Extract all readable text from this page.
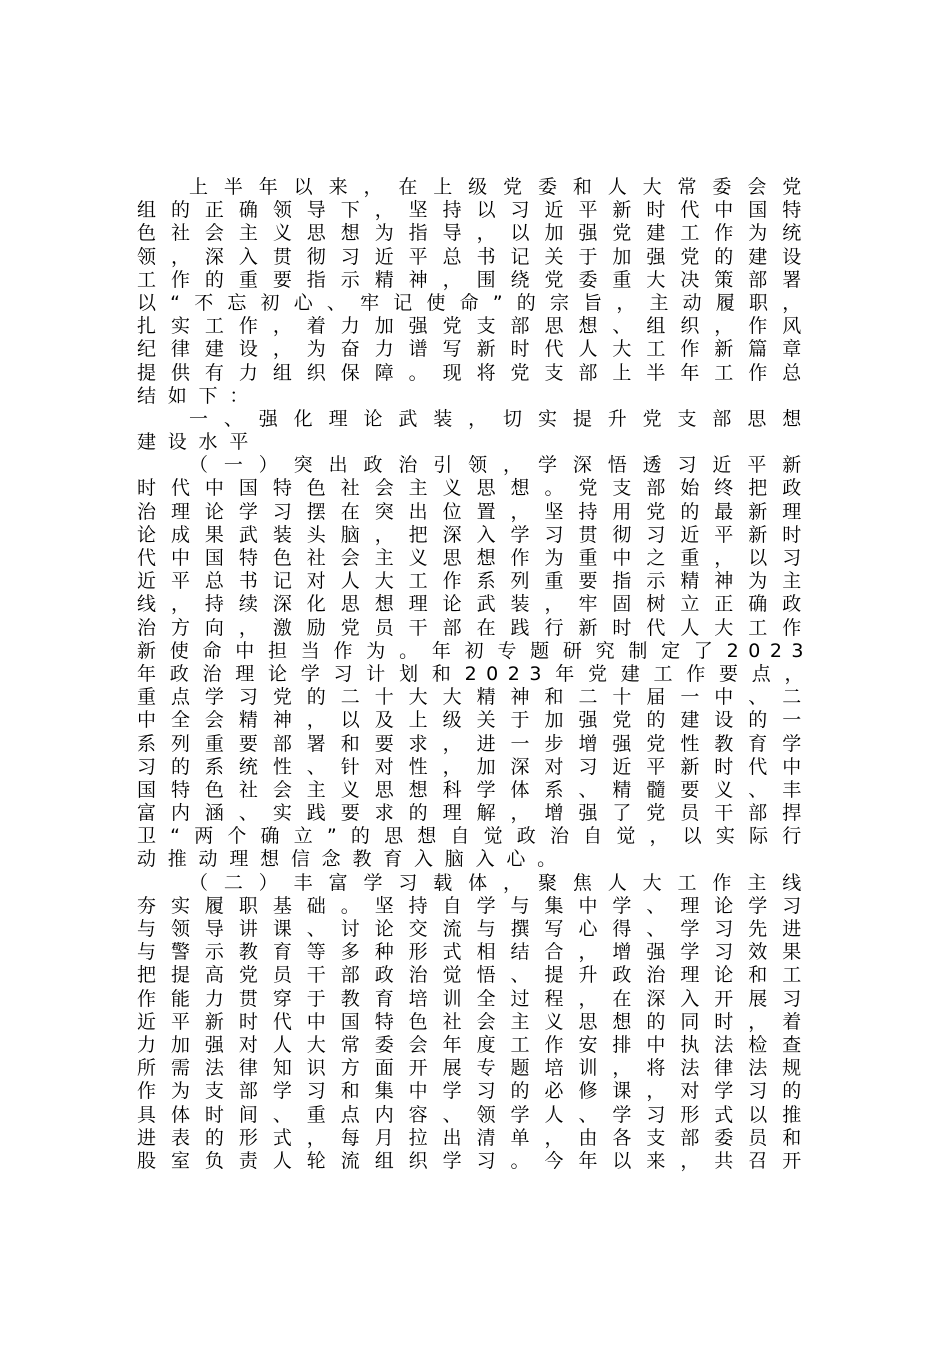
上半年以来，在上级党委和人大常委会党
组的正确领导下，坚持以习近平新时代中国特
色社会主义思想为指导，以加强党建工作为统
领，深入贯彻习近平总书记关于加强党的建设
工作的重要指示精神，围绕党委重大决策部署
以“不忘初心、牢记使命”的宗旨，主动履职，
扎实工作，着力加强党支部思想、组织，作风
纪律建设，为奋力谱写新时代人大工作新篇章
提供有力组织保障。现将党支部上半年工作总
结如下：
一、强化理论武装，切实提升党支部思想
建设水平
（一）突出政治引领，学深悟透习近平新
时代中国特色社会主义思想。党支部始终把政
治理论学习摆在突出位置，坚持用党的最新理
论成果武装头脑，把深入学习贯彻习近平新时
代中国特色社会主义思想作为重中之重，以习
近平总书记对人大工作系列重要指示精神为主
线，持续深化思想理论武装，牢固树立正确政
治方向，激励党员干部在践行新时代人大工作
新使命中担当作为。年初专题研究制定了2023
年政治理论学习计划和2023年党建工作要点，
重点学习党的二十大大精神和二十届一中、二
中全会精神，以及上级关于加强党的建设的一
系列重要部署和要求，进一步增强党性教育学
习的系统性、针对性，加深对习近平新时代中
国特色社会主义思想科学体系、精髓要义、丰
富内涵、实践要求的理解，增强了党员干部捍
卫“两个确立”的思想自觉政治自觉，以实际行
动推动理想信念教育入脑入心。
（二）丰富学习载体，聚焦人大工作主线
夯实履职基础。坚持自学与集中学、理论学习
与领导讲课、讨论交流与撰写心得、学习先进
与警示教育等多种形式相结合，增强学习效果
把提高党员干部政治觉悟、提升政治理论和工
作能力贯穿于教育培训全过程，在深入开展习
近平新时代中国特色社会主义思想的同时，着
力加强对人大常委会年度工作安排中执法检查
所需法律知识方面开展专题培训，将法律法规
作为支部学习和集中学习的必修课，对学习的
具体时间、重点内容、领学人、学习形式以推
进表的形式，每月拉出清单，由各支部委员和
股室负责人轮流组织学习。今年以来，共召开
